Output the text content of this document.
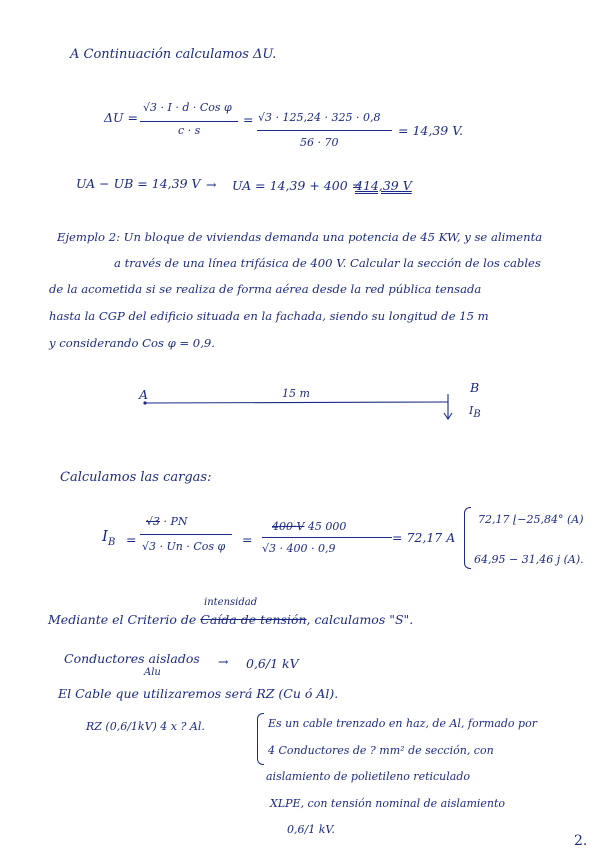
A Continuación calculamos ΔU.
ΔU =
√3 · I · d · Cos φ
c · s
= √3 · 125,24 · 325 · 0,8
56 · 70
= 14,39 V.
UA − UB = 14,39 V → UA = 14,39 + 400 =
414,39 V
Ejemplo 2: Un bloque de viviendas demanda una potencia de 45 KW, y se alimenta
a través de una línea trifásica de 400 V. Calcular la sección de los cables
de la acometida si se realiza de forma aérea desde la red pública tensada
hasta la CGP del edificio situada en la fachada, siendo su longitud de 15 m
y considerando Cos φ = 0,9.
A	B
15 m
$I_B$
Calculamos las cargas:
$I_B$ =
√3 · PN
√3 · Un · Cos φ =
400·V 45 000
√3 · 400 · 0,9
= 72,17 A
72,17 ⌊−25,84° (A)
64,95 − 31,46 j (A).
intensidad
Mediante el Criterio de Caída de tensión, calculamos "S".
Conductores aislados → 0,6/1 kV
Alu
El Cable que utilizaremos será RZ (Cu ó Al).
RZ (0,6/1kV) 4 x ? Al.	Es un cable trenzado en haz, de Al, formado por
4 Conductores de ? mm² de sección, con
aislamiento de polietileno reticulado
XLPE, con tensión nominal de aislamiento
0,6/1 kV.
2.
